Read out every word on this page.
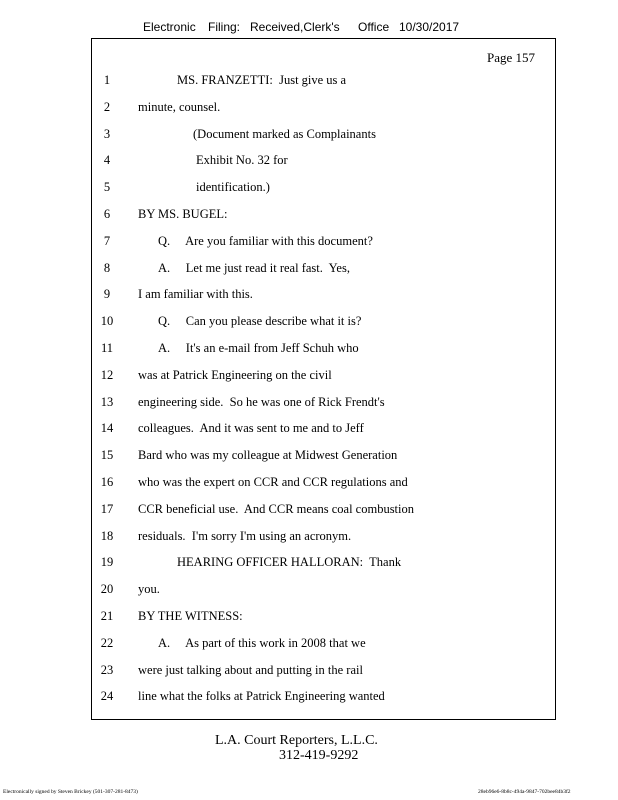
Electronic Filing: Received,Clerk's Office 10/30/2017
Page 157
1	MS. FRANZETTI:  Just give us a
2	minute, counsel.
3	(Document marked as Complainants
4	Exhibit No. 32 for
5	identification.)
6	BY MS. BUGEL:
7	Q.     Are you familiar with this document?
8	A.     Let me just read it real fast.  Yes,
9	I am familiar with this.
10	Q.     Can you please describe what it is?
11	A.     It's an e-mail from Jeff Schuh who
12	was at Patrick Engineering on the civil
13	engineering side.  So he was one of Rick Frendt's
14	colleagues.  And it was sent to me and to Jeff
15	Bard who was my colleague at Midwest Generation
16	who was the expert on CCR and CCR regulations and
17	CCR beneficial use.  And CCR means coal combustion
18	residuals.  I'm sorry I'm using an acronym.
19	HEARING OFFICER HALLORAN:  Thank
20	you.
21	BY THE WITNESS:
22	A.     As part of this work in 2008 that we
23	were just talking about and putting in the rail
24	line what the folks at Patrick Engineering wanted
L.A. Court Reporters, L.L.C.
312-419-9292
Electronically signed by Steven Brickey (501-307-281-8473)	28eb96e6-8b8c-494a-9847-702bee84b3f2
